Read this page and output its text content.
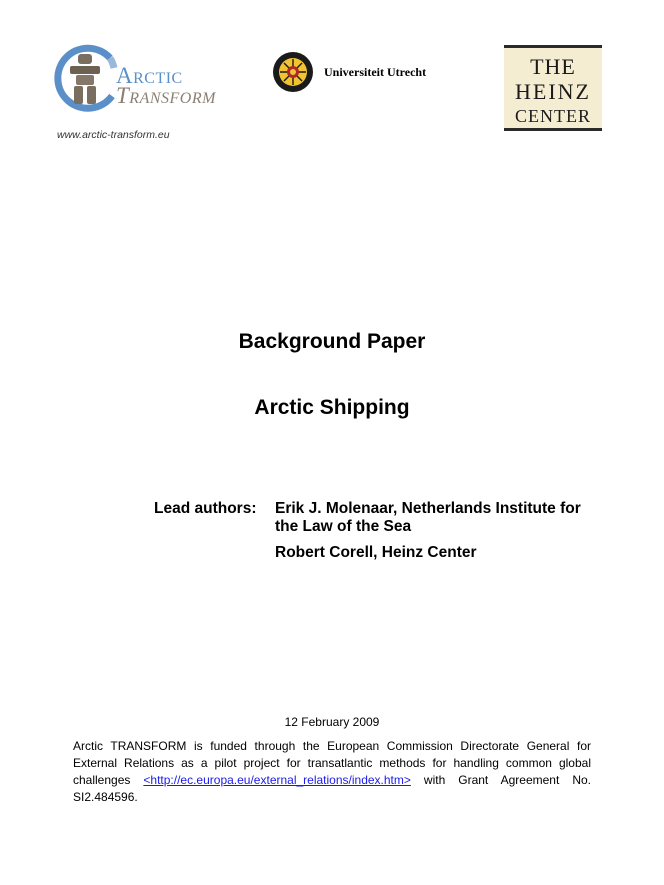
Arctic
Transform
www.arctic-transform.eu
Universiteit Utrecht	THE
HEINZ
CENTER
Background Paper
Arctic Shipping
Lead authors: Erik J. Molenaar, Netherlands Institute for the Law of the Sea
Robert Corell, Heinz Center
12 February 2009
Arctic TRANSFORM is funded through the European Commission Directorate General for External Relations as a pilot project for transatlantic methods for handling common global challenges <http://ec.europa.eu/external_relations/index.htm> with Grant Agreement No. SI2.484596.
